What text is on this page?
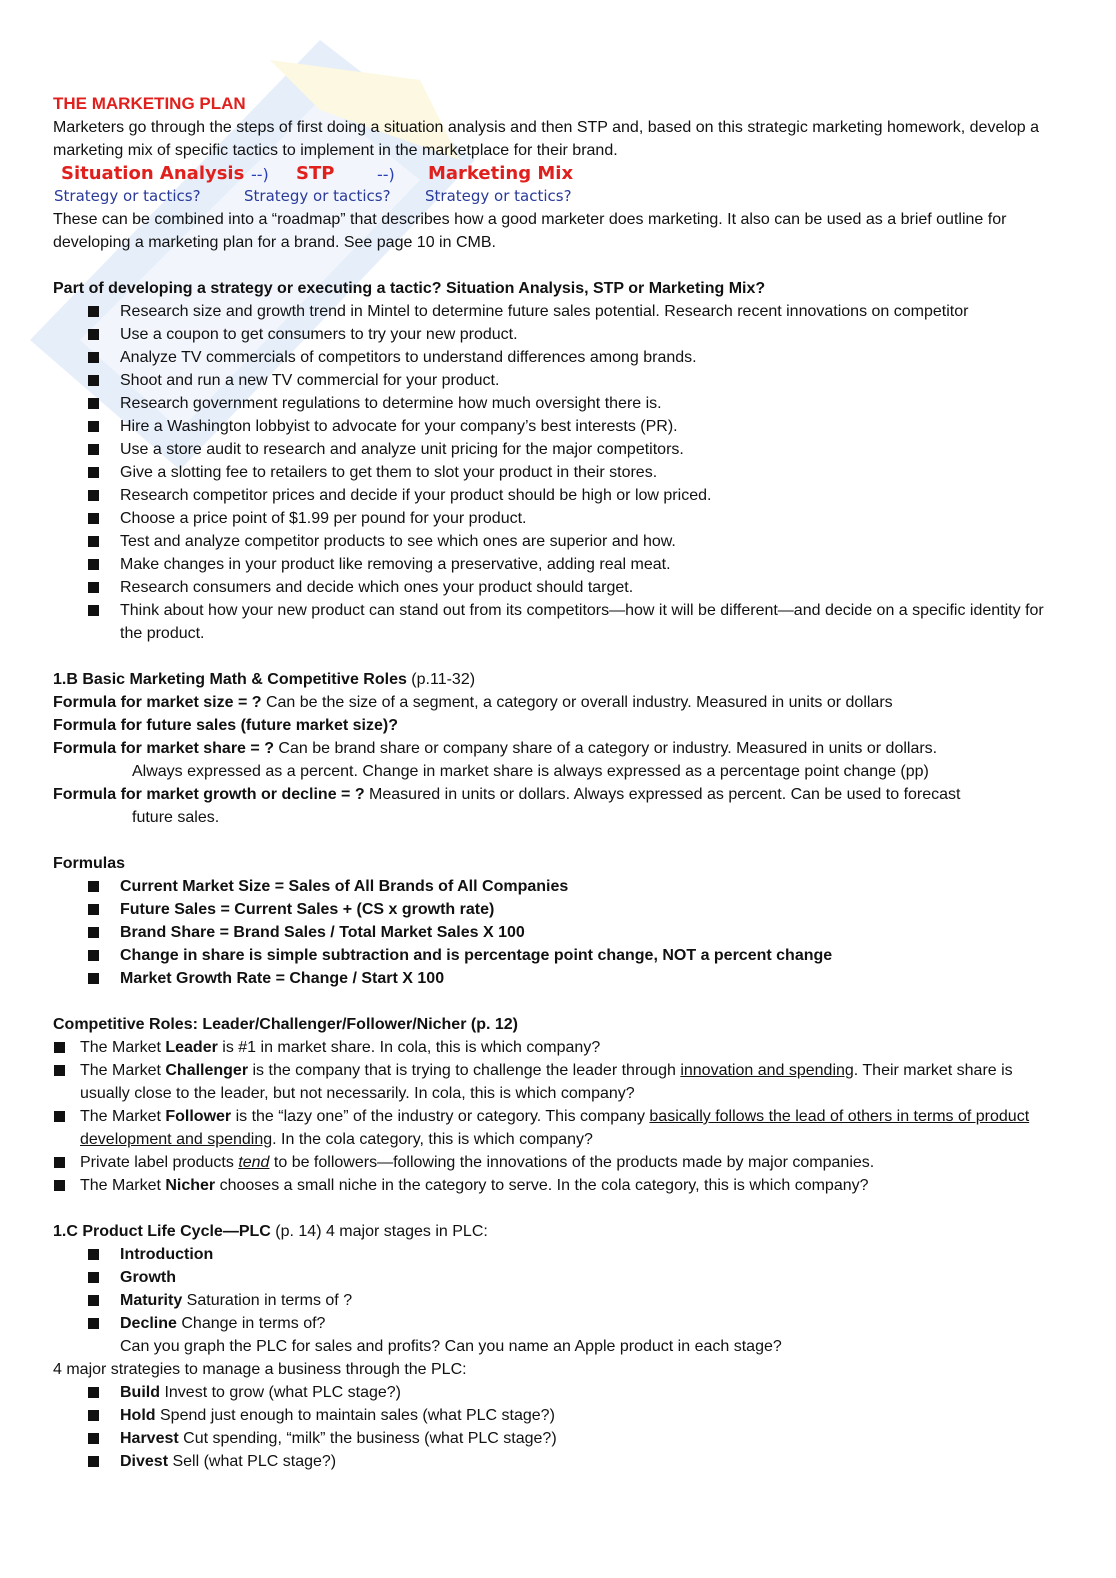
THE MARKETING PLAN

Marketers go through the steps of first doing a situation analysis and then STP and, based on this strategic marketing homework, develop a marketing mix of specific tactics to implement in the marketplace for their brand.

Situation Analysis --) STP	--) Marketing Mix
Strategy or tactics?	Strategy or tactics? Strategy or tactics?

These can be combined into a “roadmap” that describes how a good marketer does marketing. It also can be used as a brief outline for developing a marketing plan for a brand. See page 10 in CMB.

Part of developing a strategy or executing a tactic? Situation Analysis, STP or Marketing Mix?

Research size and growth trend in Mintel to determine future sales potential. Research recent innovations on competitor
Use a coupon to get consumers to try your new product.
Analyze TV commercials of competitors to understand differences among brands.
Shoot and run a new TV commercial for your product.
Research government regulations to determine how much oversight there is.
Hire a Washington lobbyist to advocate for your company’s best interests (PR).
Use a store audit to research and analyze unit pricing for the major competitors.
Give a slotting fee to retailers to get them to slot your product in their stores.
Research competitor prices and decide if your product should be high or low priced.
Choose a price point of $1.99 per pound for your product.
Test and analyze competitor products to see which ones are superior and how.
Make changes in your product like removing a preservative, adding real meat.
Research consumers and decide which ones your product should target.
Think about how your new product can stand out from its competitors—how it will be different—and decide on a specific identity for the product.

1.B Basic Marketing Math & Competitive Roles (p.11-32)

Formula for market size = ? Can be the size of a segment, a category or overall industry. Measured in units or dollars

Formula for future sales (future market size)?

Formula for market share = ? Can be brand share or company share of a category or industry. Measured in units or dollars.

Always expressed as a percent. Change in market share is always expressed as a percentage point change (pp)

Formula for market growth or decline = ? Measured in units or dollars. Always expressed as percent. Can be used to forecast

future sales.

Formulas

Current Market Size = Sales of All Brands of All Companies
Future Sales = Current Sales + (CS x growth rate)
Brand Share = Brand Sales / Total Market Sales X 100
Change in share is simple subtraction and is percentage point change, NOT a percent change
Market Growth Rate = Change / Start X 100

Competitive Roles: Leader/Challenger/Follower/Nicher (p. 12)

The Market Leader is #1 in market share. In cola, this is which company?
The Market Challenger is the company that is trying to challenge the leader through innovation and spending. Their market share is usually close to the leader, but not necessarily. In cola, this is which company?
The Market Follower is the “lazy one” of the industry or category. This company basically follows the lead of others in terms of product development and spending. In the cola category, this is which company?
Private label products tend to be followers—following the innovations of the products made by major companies.
The Market Nicher chooses a small niche in the category to serve. In the cola category, this is which company?

1.C Product Life Cycle—PLC (p. 14) 4 major stages in PLC:

Introduction
Growth
Maturity Saturation in terms of ?
Decline Change in terms of?

Can you graph the PLC for sales and profits? Can you name an Apple product in each stage?

4 major strategies to manage a business through the PLC:

Build Invest to grow (what PLC stage?)
Hold Spend just enough to maintain sales (what PLC stage?)
Harvest Cut spending, “milk” the business (what PLC stage?)
Divest Sell (what PLC stage?)
